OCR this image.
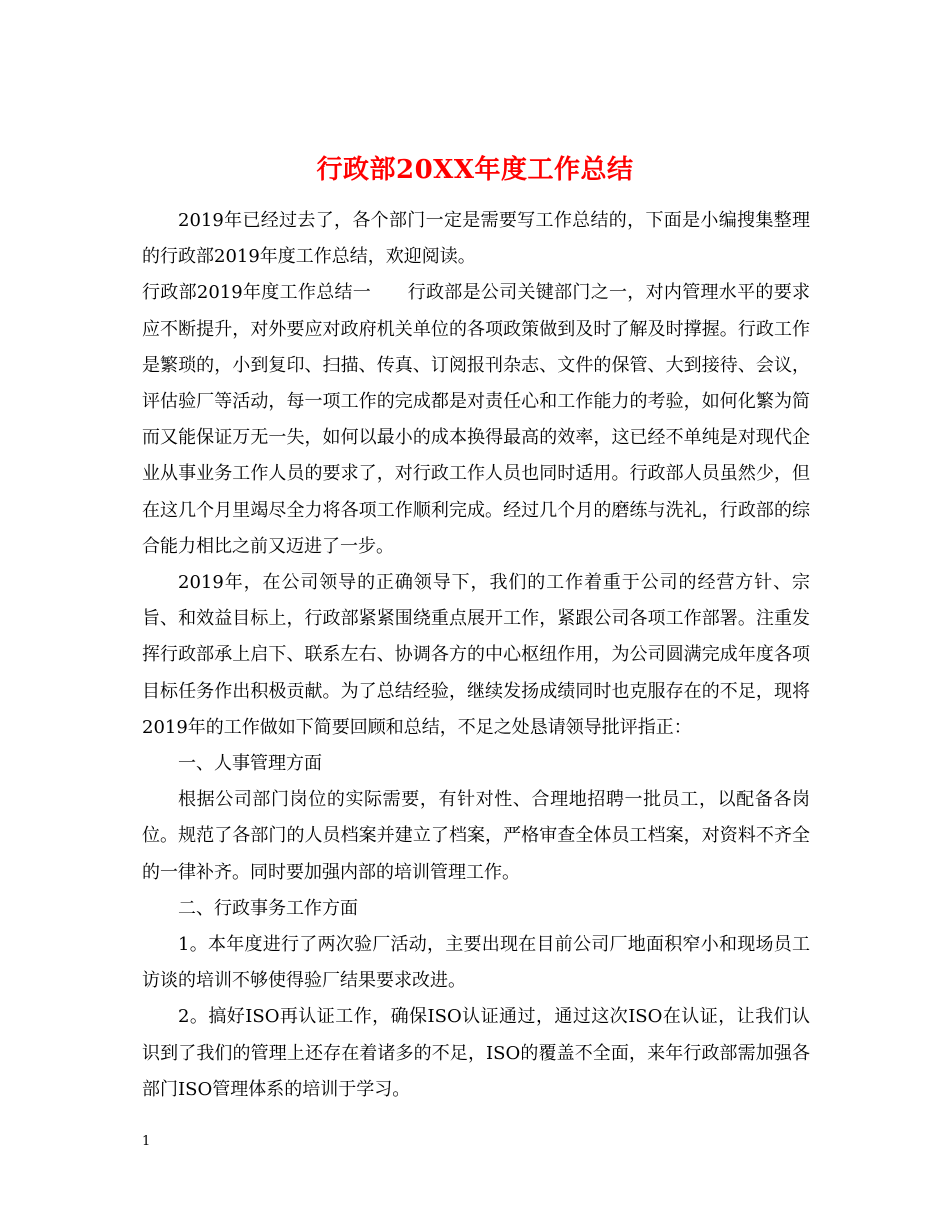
行政部20XX年度工作总结

2019年已经过去了，各个部门一定是需要写工作总结的，下面是小编搜集整理的行政部2019年度工作总结，欢迎阅读。

行政部2019年度工作总结一　　行政部是公司关键部门之一，对内管理水平的要求应不断提升，对外要应对政府机关单位的各项政策做到及时了解及时撑握。行政工作是繁琐的，小到复印、扫描、传真、订阅报刊杂志、文件的保管、大到接待、会议，评估验厂等活动，每一项工作的完成都是对责任心和工作能力的考验，如何化繁为简而又能保证万无一失，如何以最小的成本换得最高的效率，这已经不单纯是对现代企业从事业务工作人员的要求了，对行政工作人员也同时适用。行政部人员虽然少，但在这几个月里竭尽全力将各项工作顺利完成。经过几个月的磨练与洗礼，行政部的综合能力相比之前又迈进了一步。

2019年，在公司领导的正确领导下，我们的工作着重于公司的经营方针、宗旨、和效益目标上，行政部紧紧围绕重点展开工作，紧跟公司各项工作部署。注重发挥行政部承上启下、联系左右、协调各方的中心枢纽作用，为公司圆满完成年度各项目标任务作出积极贡献。为了总结经验，继续发扬成绩同时也克服存在的不足，现将2019年的工作做如下简要回顾和总结，不足之处恳请领导批评指正：

一、人事管理方面

根据公司部门岗位的实际需要，有针对性、合理地招聘一批员工，以配备各岗位。规范了各部门的人员档案并建立了档案，严格审查全体员工档案，对资料不齐全的一律补齐。同时要加强内部的培训管理工作。

二、行政事务工作方面

1。本年度进行了两次验厂活动，主要出现在目前公司厂地面积窄小和现场员工访谈的培训不够使得验厂结果要求改进。

2。搞好ISO再认证工作，确保ISO认证通过，通过这次ISO在认证，让我们认识到了我们的管理上还存在着诸多的不足，ISO的覆盖不全面，来年行政部需加强各部门ISO管理体系的培训于学习。

1
